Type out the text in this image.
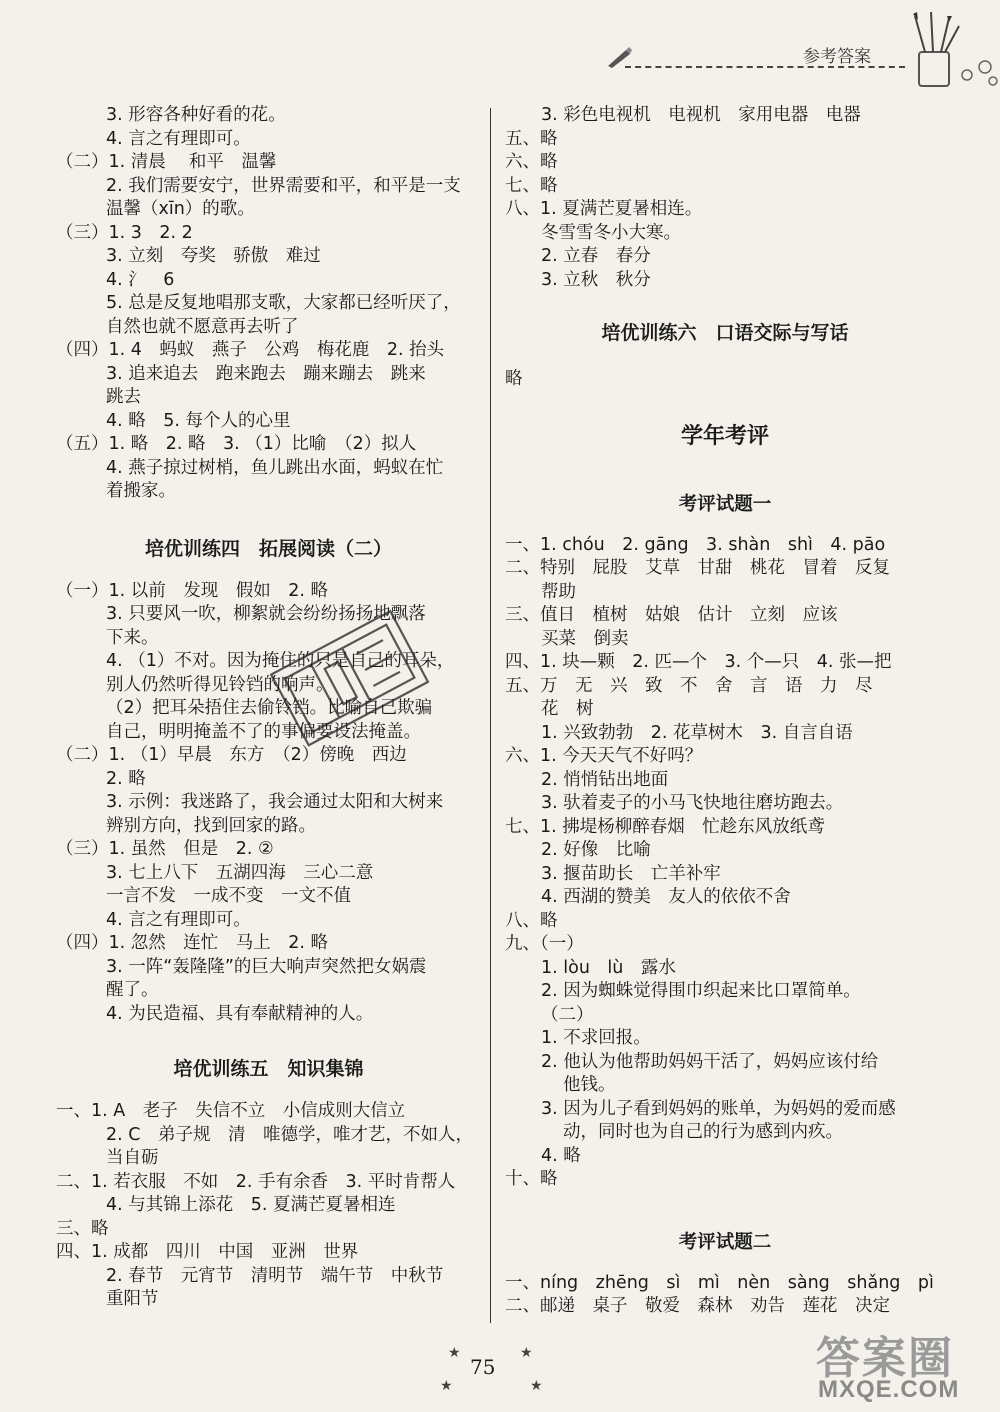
参考答案
3. 形容各种好看的花。
4. 言之有理即可。
（二）1. 清晨　 和平　温馨
2. 我们需要安宁，世界需要和平，和平是一支
温馨（xīn）的歌。
（三）1. 3　2. 2
3. 立刻　夸奖　骄傲　难过
4. 氵　6
5. 总是反复地唱那支歌，大家都已经听厌了，
自然也就不愿意再去听了
（四）1. 4　蚂蚁　燕子　公鸡　梅花鹿　2. 抬头
3. 追来追去　跑来跑去　蹦来蹦去　跳来
跳去
4. 略　5. 每个人的心里
（五）1. 略　2. 略　3. （1）比喻　（2）拟人
4. 燕子掠过树梢，鱼儿跳出水面，蚂蚁在忙
着搬家。
培优训练四　拓展阅读（二）
（一）1. 以前　发现　假如　2. 略
3. 只要风一吹，柳絮就会纷纷扬扬地飘落
下来。
4. （1）不对。因为掩住的只是自己的耳朵，
别人仍然听得见铃铛的响声。
（2）把耳朵捂住去偷铃铛。比喻自己欺骗
自己，明明掩盖不了的事偏要设法掩盖。
（二）1. （1）早晨　东方　（2）傍晚　西边
2. 略
3. 示例：我迷路了，我会通过太阳和大树来
辨别方向，找到回家的路。
（三）1. 虽然　但是　2. ②
3. 七上八下　五湖四海　三心二意
一言不发　一成不变　一文不值
4. 言之有理即可。
（四）1. 忽然　连忙　马上　2. 略
3. 一阵“轰隆隆”的巨大响声突然把女娲震
醒了。
4. 为民造福、具有奉献精神的人。
培优训练五　知识集锦
一、1. A　老子　失信不立　小信成则大信立
2. C　弟子规　清　唯德学，唯才艺，不如人，
当自砺
二、1. 若衣服　不如　2. 手有余香　3. 平时肯帮人
4. 与其锦上添花　5. 夏满芒夏暑相连
三、略
四、1. 成都　四川　中国　亚洲　世界
2. 春节　元宵节　清明节　端午节　中秋节
重阳节
3. 彩色电视机　电视机　家用电器　电器
五、略
六、略
七、略
八、1. 夏满芒夏暑相连。
冬雪雪冬小大寒。
2. 立春　春分
3. 立秋　秋分
培优训练六　口语交际与写话
略
学年考评
考评试题一
一、1. chóu　2. gāng　3. shàn　shì　4. pāo
二、特别　屁股　艾草　甘甜　桃花　冒着　反复
帮助
三、值日　植树　姑娘　估计　立刻　应该
买菜　倒卖
四、1. 块—颗　2. 匹—个　3. 个—只　4. 张—把
五、万　无　兴　致　不　舍　言　语　力　尽
花　树
1. 兴致勃勃　2. 花草树木　3. 自言自语
六、1. 今天天气不好吗？
2. 悄悄钻出地面
3. 驮着麦子的小马飞快地往磨坊跑去。
七、1. 拂堤杨柳醉春烟　忙趁东风放纸鸢
2. 好像　比喻
3. 揠苗助长　亡羊补牢
4. 西湖的赞美　友人的依依不舍
八、略
九、（一）
1. lòu　lù　露水
2. 因为蜘蛛觉得围巾织起来比口罩简单。
（二）
1. 不求回报。
2. 他认为他帮助妈妈干活了，妈妈应该付给
他钱。
3. 因为儿子看到妈妈的账单，为妈妈的爱而感
动，同时也为自己的行为感到内疚。
4. 略
十、略
考评试题二
一、níng　zhēng　sì　mì　nèn　sàng　shǎng　pì
二、邮递　桌子　敬爱　森林　劝告　莲花　决定
★	★
★	★
75	答案圈
MXQE.COM
